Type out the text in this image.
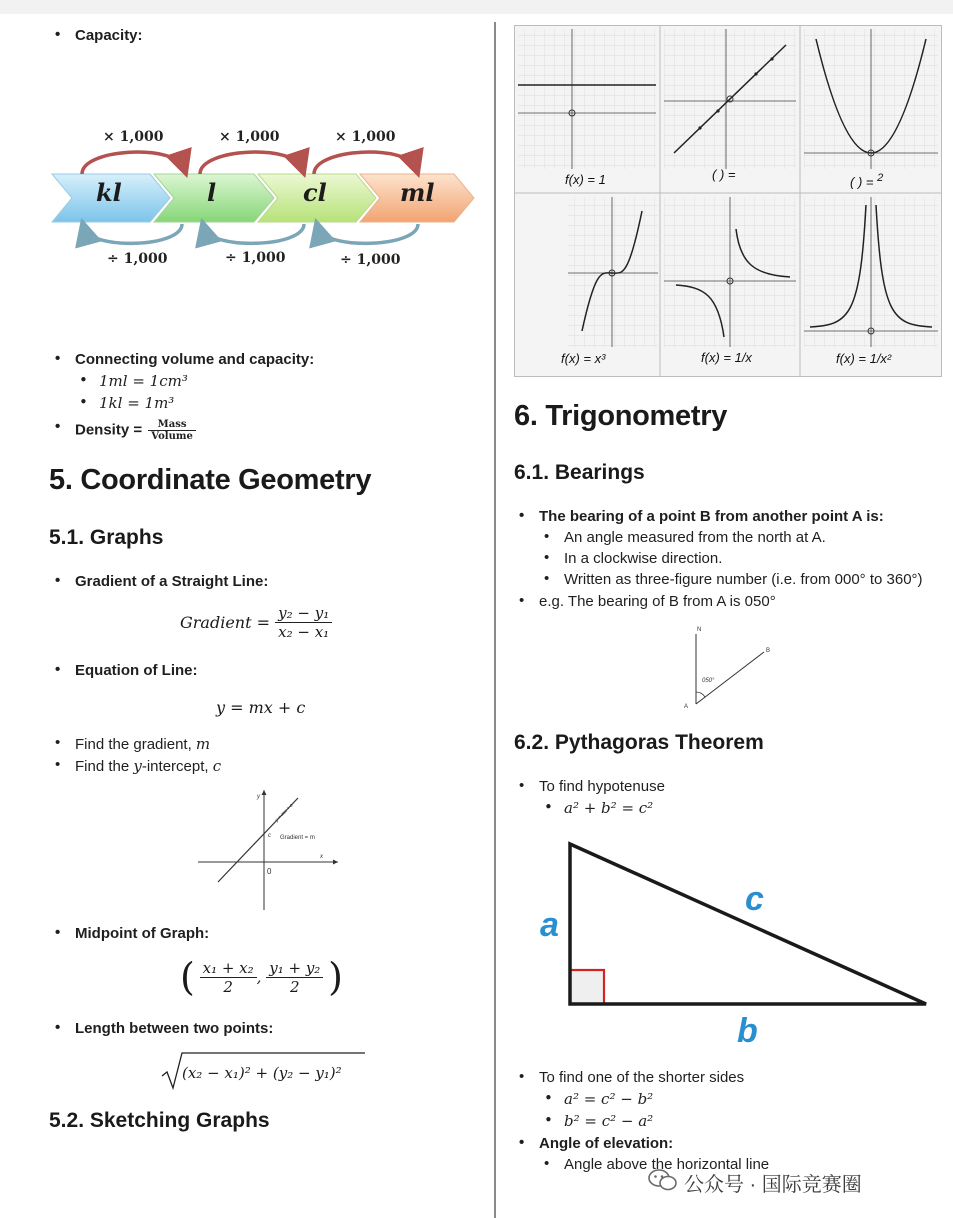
• Capacity:
kl	l	cl	ml
× 1,000	× 1,000	× 1,000
÷ 1,000	÷ 1,000	÷ 1,000
• Connecting volume and capacity:
• 1ml = 1cm³
• 1kl = 1m³
• Density = $\frac{\text{Mass}}{\text{Volume}}$
5. Coordinate Geometry
5.1. Graphs
• Gradient of a Straight Line:
Gradient = $\frac{\text{y₂ − y₁}}{\text{x₂ − x₁}}$
• Equation of Line:
y = mx + c
• Find the gradient, m
• Find the y-intercept, c
y
x
0
c
y = mx + c
Gradient = m
• Midpoint of Graph:
( $\frac{\text{x₁ + x₂}}{2}$ , $\frac{\text{y₁ + y₂}}{2}$ )
• Length between two points:
(x₂ − x₁)² + (y₂ − y₁)²
5.2. Sketching Graphs
f(x) = 1	( ) =	( ) = $^2$
f(x) = x³	f(x) = 1/x	f(x) = 1/x²
6. Trigonometry
6.1. Bearings
• The bearing of a point B from another point A is:
• An angle measured from the north at A.
• In a clockwise direction.
• Written as three-figure number (i.e. from 000° to 360°)
• e.g. The bearing of B from A is 050°
N
A
B
050°
6.2. Pythagoras Theorem
• To find hypotenuse
• a² + b² = c²
a
c
b
• To find one of the shorter sides
• a² = c² − b²
• b² = c² − a²
• Angle of elevation:
• Angle above the horizontal line
公众号 · 国际竞赛圈
